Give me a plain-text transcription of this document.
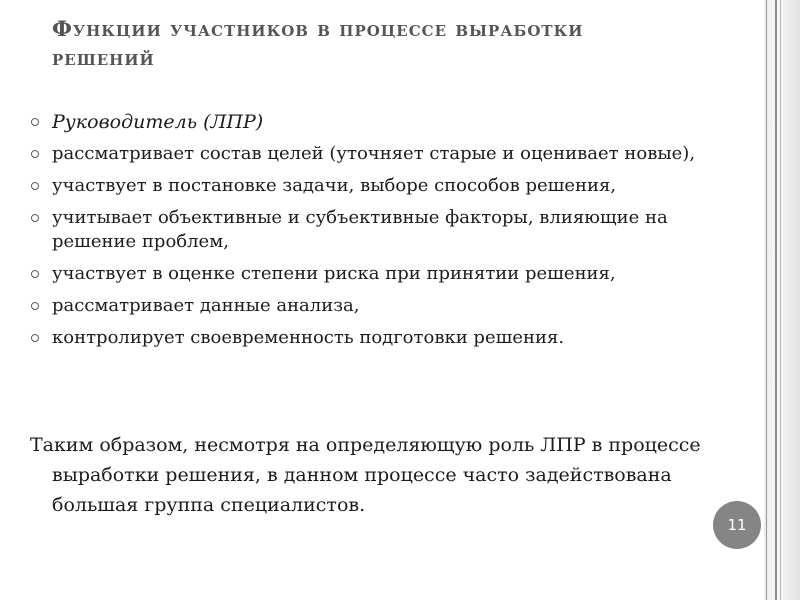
Функции участников в процессе выработки решений
Руководитель (ЛПР)
рассматривает состав целей (уточняет старые и оценивает новые),
участвует в постановке задачи, выборе способов решения,
учитывает объективные и субъективные факторы, влияющие на решение проблем,
участвует в оценке степени риска при принятии решения,
рассматривает данные анализа,
контролирует своевременность подготовки решения.

Таким образом, несмотря на определяющую роль ЛПР в процессе выработки решения, в данном процессе часто задействована большая группа специалистов.

11
